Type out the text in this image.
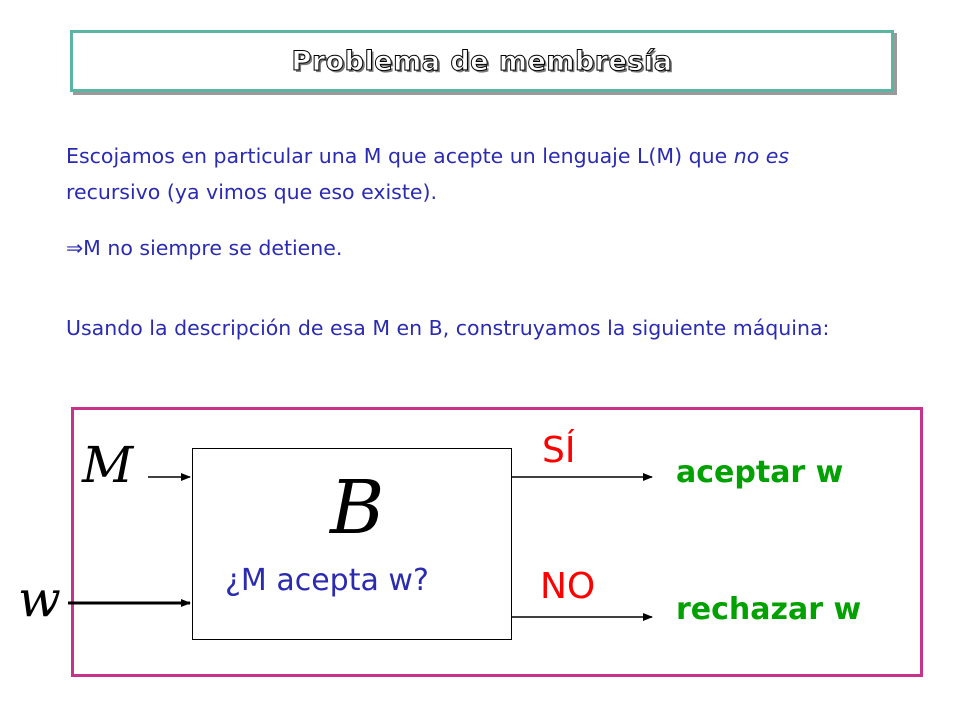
Problema de membresía
Escojamos en particular una M que acepte un lenguaje L(M) que no es recursivo (ya vimos que eso existe).
⇒M no siempre se detiene.
Usando la descripción de esa M en B, construyamos la siguiente máquina:
M
w
B
¿M acepta w?
SÍ
NO
aceptar w
rechazar w
